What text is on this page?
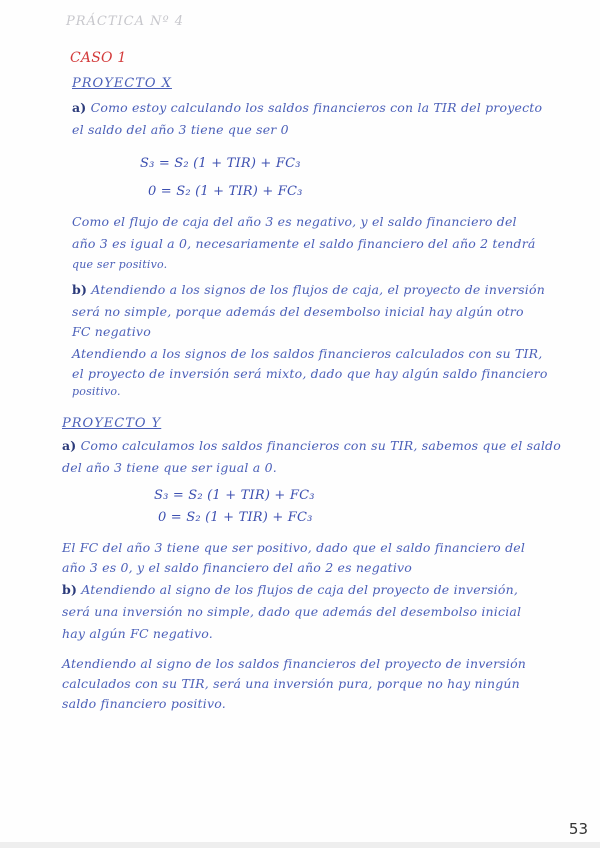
PRÁCTICA Nº 4
CASO 1
PROYECTO X
a) Como estoy calculando los saldos financieros con la TIR del proyecto
el saldo del año 3 tiene que ser 0
S₃ = S₂ (1 + TIR) + FC₃
0 = S₂ (1 + TIR) + FC₃
Como el flujo de caja del año 3 es negativo, y el saldo financiero del
año 3 es igual a 0, necesariamente el saldo financiero del año 2 tendrá
que ser positivo.
b) Atendiendo a los signos de los flujos de caja, el proyecto de inversión
será no simple, porque además del desembolso inicial hay algún otro
FC negativo
Atendiendo a los signos de los saldos financieros calculados con su TIR,
el proyecto de inversión será mixto, dado que hay algún saldo financiero
positivo.
PROYECTO Y
a) Como calculamos los saldos financieros con su TIR, sabemos que el saldo
del año 3 tiene que ser igual a 0.
S₃ = S₂ (1 + TIR) + FC₃
0 = S₂ (1 + TIR) + FC₃
El FC del año 3 tiene que ser positivo, dado que el saldo financiero del
año 3 es 0, y el saldo financiero del año 2 es negativo
b) Atendiendo al signo de los flujos de caja del proyecto de inversión,
será una inversión no simple, dado que además del desembolso inicial
hay algún FC negativo.
Atendiendo al signo de los saldos financieros del proyecto de inversión
calculados con su TIR, será una inversión pura, porque no hay ningún
saldo financiero positivo.
53
